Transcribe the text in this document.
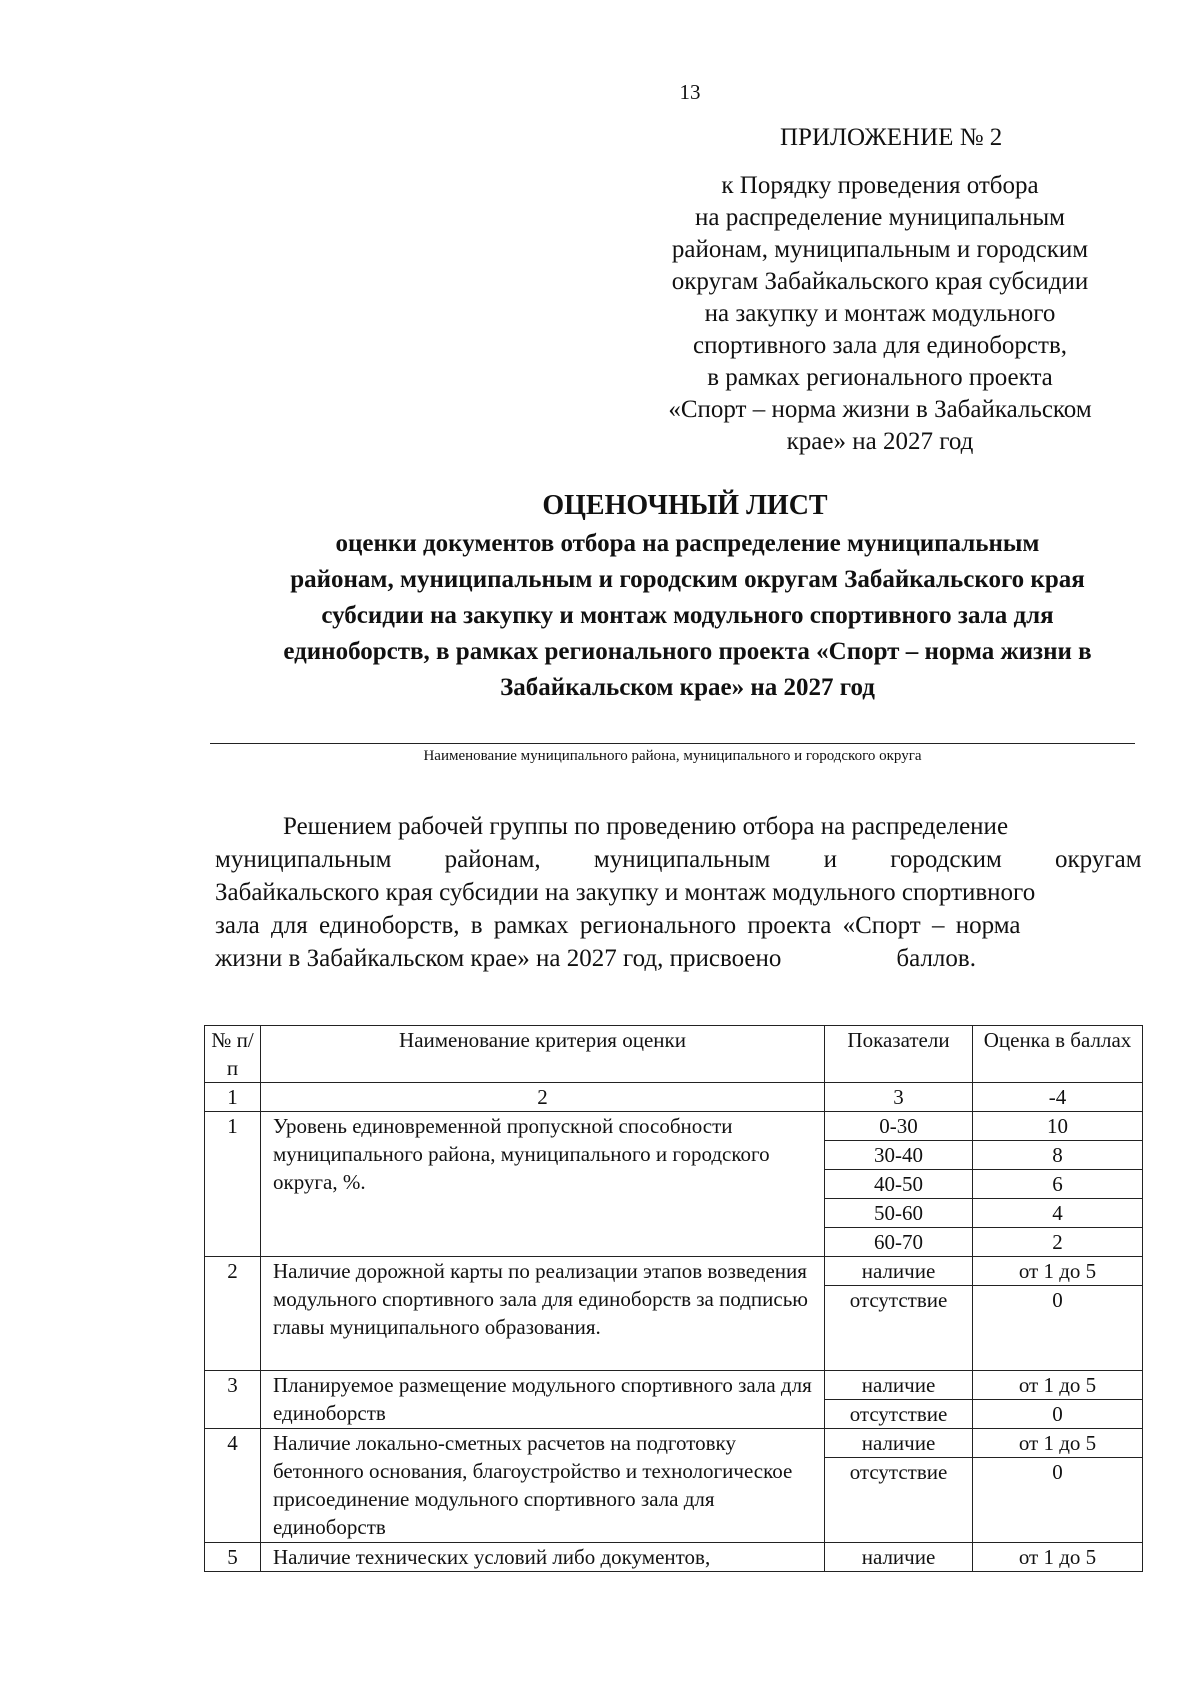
13
ПРИЛОЖЕНИЕ № 2
к Порядку проведения отбора
на распределение муниципальным
районам, муниципальным и городским
округам Забайкальского края субсидии
на закупку и монтаж модульного
спортивного зала для единоборств,
в рамках регионального проекта
«Спорт – норма жизни в Забайкальском
крае» на 2027 год
ОЦЕНОЧНЫЙ ЛИСТ
оценки документов отбора на распределение муниципальным
районам, муниципальным и городским округам Забайкальского края
субсидии на закупку и монтаж модульного спортивного зала для
единоборств, в рамках регионального проекта «Спорт – норма жизни в
Забайкальском крае» на 2027 год
Наименование муниципального района, муниципального и городского округа
Решением рабочей группы по проведению отбора на распределение
муниципальным районам, муниципальным и городским округам
Забайкальского края субсидии на закупку и монтаж модульного спортивного
зала для единоборств, в рамках регионального проекта «Спорт – норма
жизни в Забайкальском крае» на 2027 год, присвоено	баллов.
№ п/п	Наименование критерия оценки	Показатели	Оценка в баллах
1	2	3	-4
1	Уровень единовременной пропускной способности муниципального района, муниципального и городского округа, %.	0-30	10
		30-40	8
		40-50	6
		50-60	4
		60-70	2
2	Наличие дорожной карты по реализации этапов возведения модульного спортивного зала для единоборств за подписью главы муниципального образования.	наличие	от 1 до 5
		отсутствие	0
3	Планируемое размещение модульного спортивного зала для единоборств	наличие	от 1 до 5
		отсутствие	0
4	Наличие локально-сметных расчетов на подготовку бетонного основания, благоустройство и технологическое присоединение модульного спортивного зала для единоборств	наличие	от 1 до 5
		отсутствие	0
5	Наличие технических условий либо документов,	наличие	от 1 до 5
